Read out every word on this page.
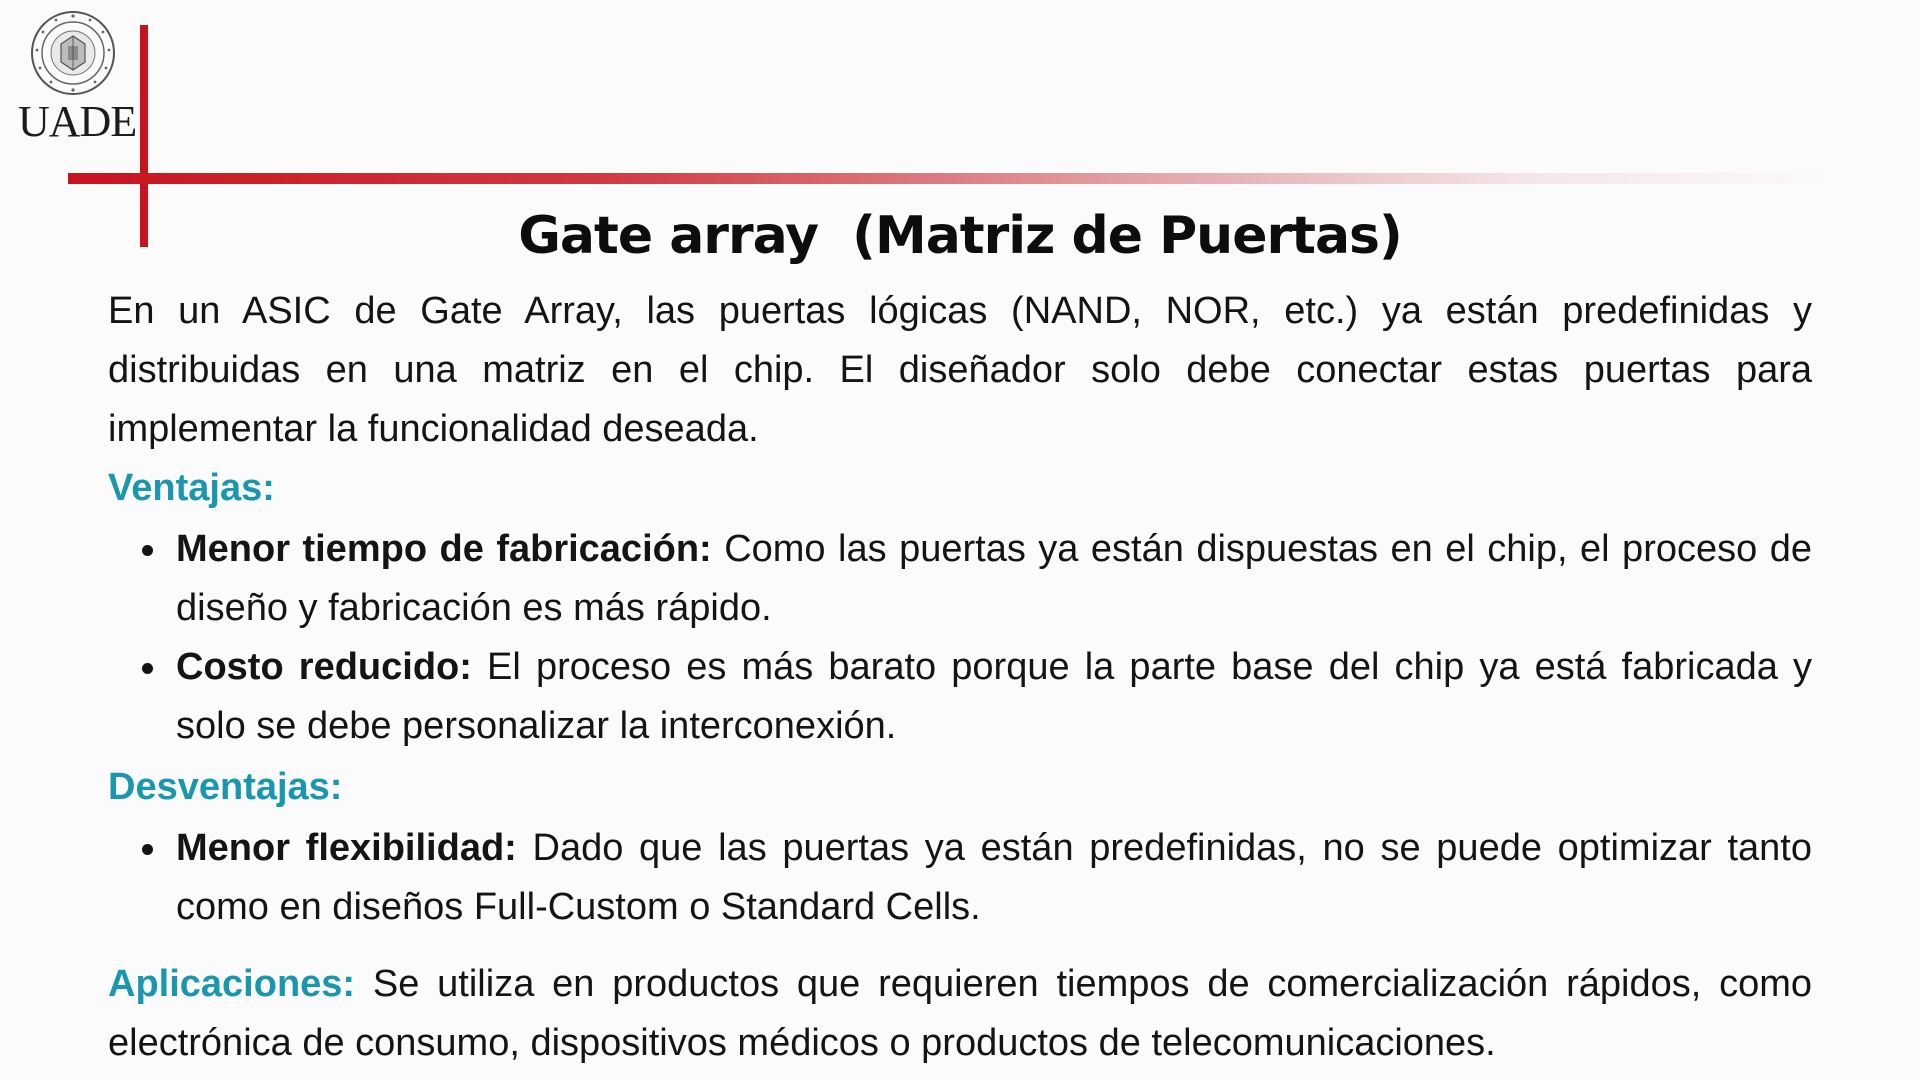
UADE
Gate array  (Matriz de Puertas)

En un ASIC de Gate Array, las puertas lógicas (NAND, NOR, etc.) ya están predefinidas y distribuidas en una matriz en el chip. El diseñador solo debe conectar estas puertas para implementar la funcionalidad deseada.

Ventajas:

Menor tiempo de fabricación: Como las puertas ya están dispuestas en el chip, el proceso de diseño y fabricación es más rápido.
Costo reducido: El proceso es más barato porque la parte base del chip ya está fabricada y solo se debe personalizar la interconexión.

Desventajas:

Menor flexibilidad: Dado que las puertas ya están predefinidas, no se puede optimizar tanto como en diseños Full-Custom o Standard Cells.

Aplicaciones: Se utiliza en productos que requieren tiempos de comercialización rápidos, como electrónica de consumo, dispositivos médicos o productos de telecomunicaciones.
